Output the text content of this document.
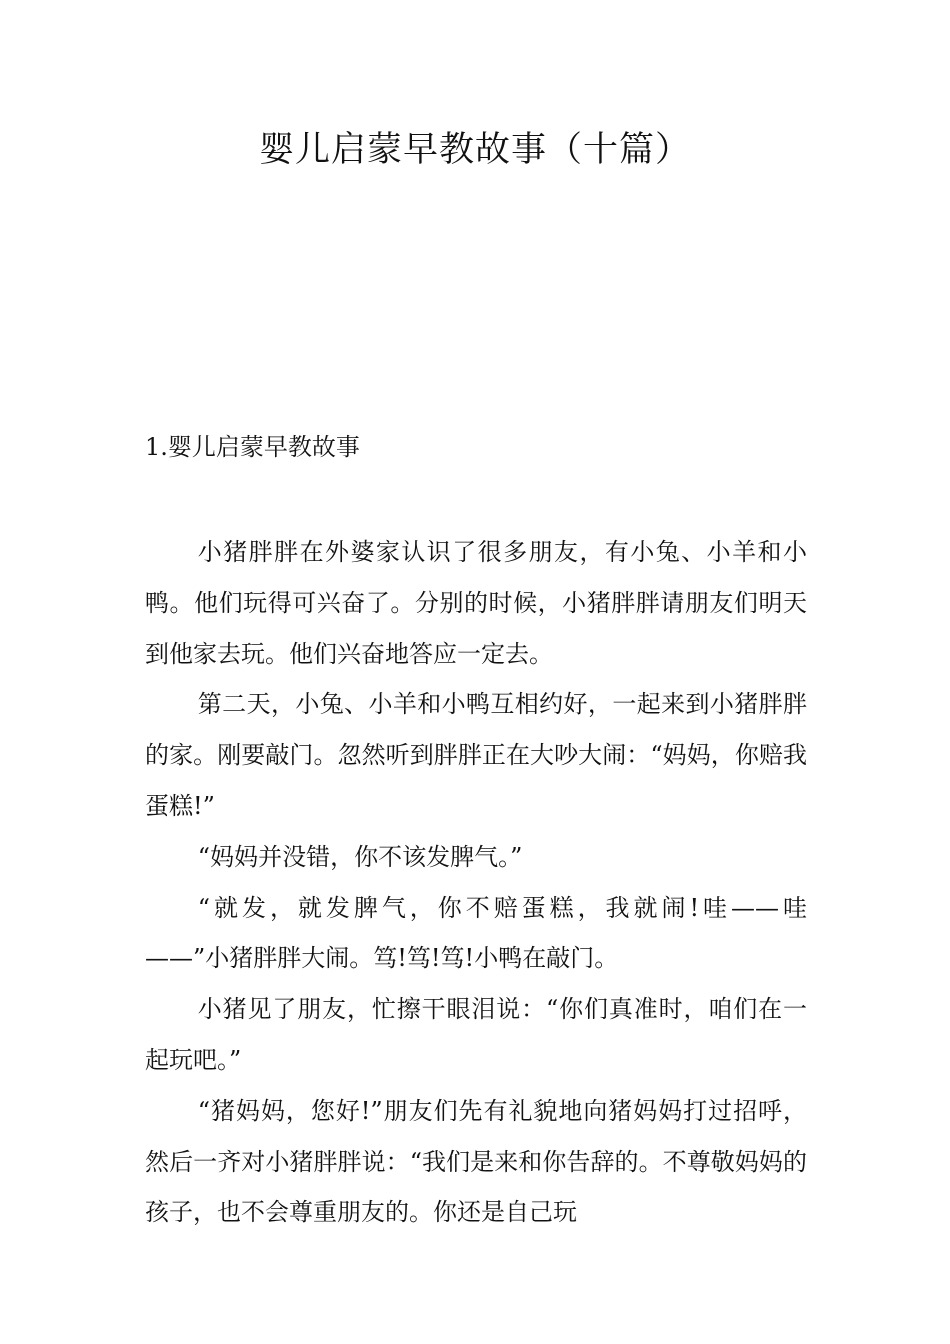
婴儿启蒙早教故事（十篇）
1.婴儿启蒙早教故事

小猪胖胖在外婆家认识了很多朋友，有小兔、小羊和小鸭。他们玩得可兴奋了。分别的时候，小猪胖胖请朋友们明天到他家去玩。他们兴奋地答应一定去。

第二天，小兔、小羊和小鸭互相约好，一起来到小猪胖胖的家。刚要敲门。忽然听到胖胖正在大吵大闹：“妈妈，你赔我蛋糕!”

“妈妈并没错，你不该发脾气。”

“就发，就发脾气，你不赔蛋糕，我就闹!哇——哇——”小猪胖胖大闹。笃!笃!笃!小鸭在敲门。

小猪见了朋友，忙擦干眼泪说：“你们真准时，咱们在一起玩吧。”

“猪妈妈，您好!”朋友们先有礼貌地向猪妈妈打过招呼，然后一齐对小猪胖胖说：“我们是来和你告辞的。不尊敬妈妈的孩子，也不会尊重朋友的。你还是自己玩
